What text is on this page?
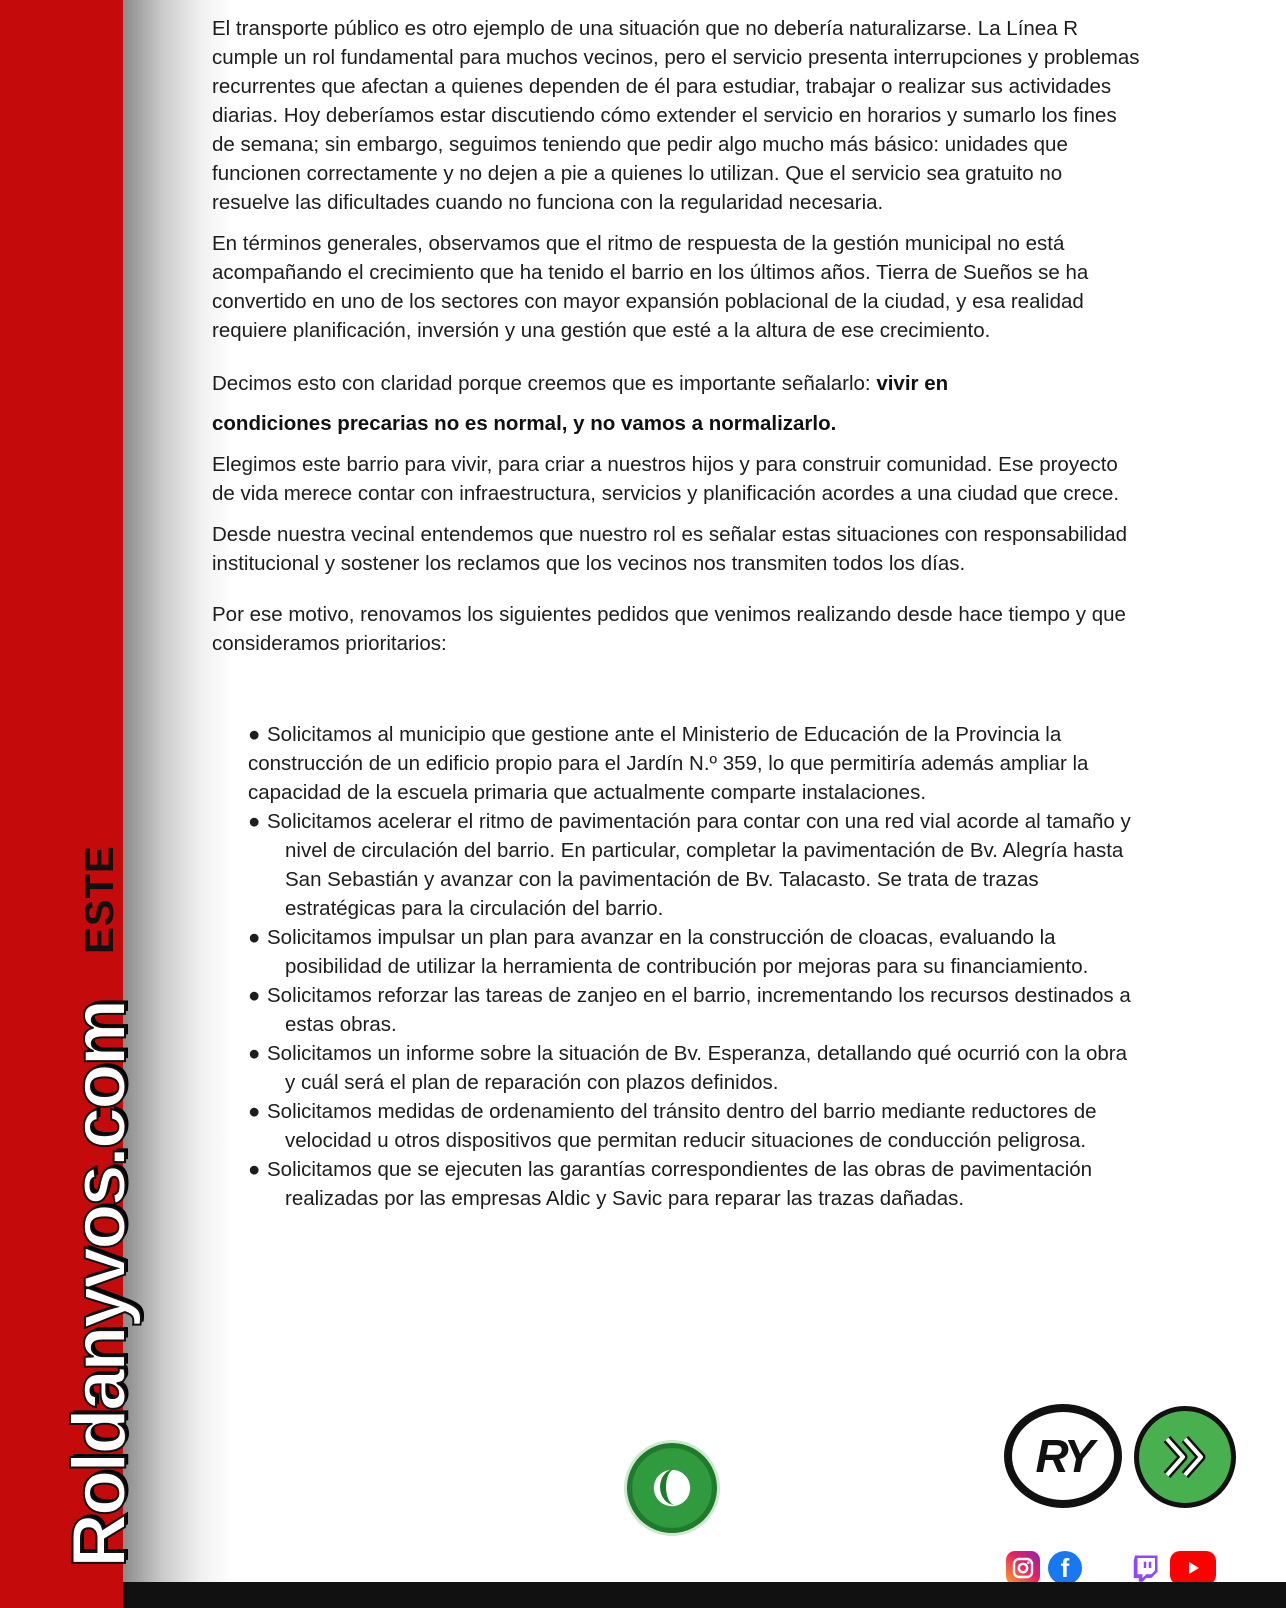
Roldanyvos.com
ESTE

El transporte público es otro ejemplo de una situación que no debería naturalizarse. La Línea R cumple un rol fundamental para muchos vecinos, pero el servicio presenta interrupciones y problemas recurrentes que afectan a quienes dependen de él para estudiar, trabajar o realizar sus actividades diarias. Hoy deberíamos estar discutiendo cómo extender el servicio en horarios y sumarlo los fines de semana; sin embargo, seguimos teniendo que pedir algo mucho más básico: unidades que funcionen correctamente y no dejen a pie a quienes lo utilizan. Que el servicio sea gratuito no resuelve las dificultades cuando no funciona con la regularidad necesaria.

En términos generales, observamos que el ritmo de respuesta de la gestión municipal no está acompañando el crecimiento que ha tenido el barrio en los últimos años. Tierra de Sueños se ha convertido en uno de los sectores con mayor expansión poblacional de la ciudad, y esa realidad requiere planificación, inversión y una gestión que esté a la altura de ese crecimiento.

Decimos esto con claridad porque creemos que es importante señalarlo: vivir en
condiciones precarias no es normal, y no vamos a normalizarlo.

Elegimos este barrio para vivir, para criar a nuestros hijos y para construir comunidad. Ese proyecto de vida merece contar con infraestructura, servicios y planificación acordes a una ciudad que crece.

Desde nuestra vecinal entendemos que nuestro rol es señalar estas situaciones con responsabilidad institucional y sostener los reclamos que los vecinos nos transmiten todos los días.

Por ese motivo, renovamos los siguientes pedidos que venimos realizando desde hace tiempo y que consideramos prioritarios:

● Solicitamos al municipio que gestione ante el Ministerio de Educación de la Provincia la construcción de un edificio propio para el Jardín N.º 359, lo que permitiría además ampliar la capacidad de la escuela primaria que actualmente comparte instalaciones.
● Solicitamos acelerar el ritmo de pavimentación para contar con una red vial acorde al tamaño y nivel de circulación del barrio. En particular, completar la pavimentación de Bv. Alegría hasta San Sebastián y avanzar con la pavimentación de Bv. Talacasto. Se trata de trazas estratégicas para la circulación del barrio.
● Solicitamos impulsar un plan para avanzar en la construcción de cloacas, evaluando la posibilidad de utilizar la herramienta de contribución por mejoras para su financiamiento.
● Solicitamos reforzar las tareas de zanjeo en el barrio, incrementando los recursos destinados a estas obras.
● Solicitamos un informe sobre la situación de Bv. Esperanza, detallando qué ocurrió con la obra y cuál será el plan de reparación con plazos definidos.
● Solicitamos medidas de ordenamiento del tránsito dentro del barrio mediante reductores de velocidad u otros dispositivos que permitan reducir situaciones de conducción peligrosa.
● Solicitamos que se ejecuten las garantías correspondientes de las obras de pavimentación realizadas por las empresas Aldic y Savic para reparar las trazas dañadas.
RY
f
